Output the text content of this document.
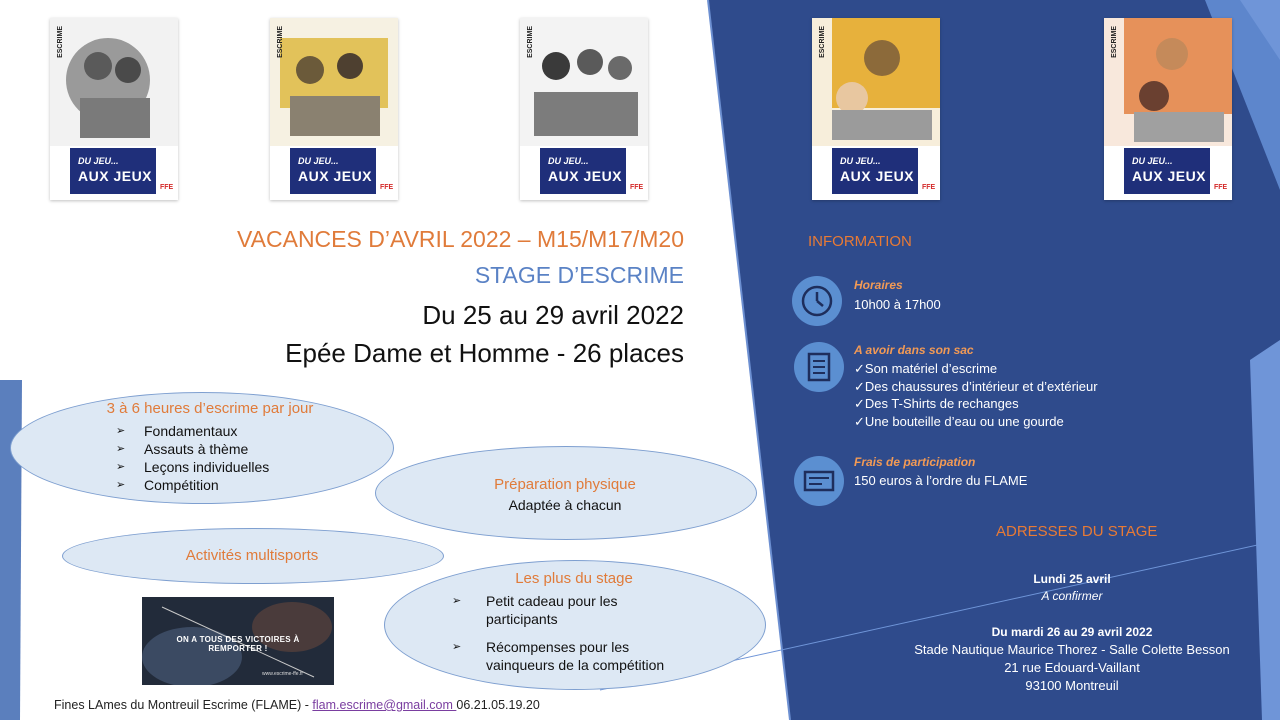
ESCRIME
DU JEU...
AUX JEUX
FFE
ESCRIME
DU JEU...
AUX JEUX
FFE
ESCRIME
DU JEU...
AUX JEUX
FFE
ESCRIME
DU JEU...
AUX JEUX
FFE
ESCRIME
DU JEU...
AUX JEUX
FFE
VACANCES D’AVRIL 2022 – M15/M17/M20
STAGE D’ESCRIME
Du 25 au 29 avril 2022
Epée Dame et Homme - 26 places
3 à 6 heures d’escrime par jour
➢ Fondamentaux
➢ Assauts à thème
➢ Leçons individuelles
➢ Compétition	Préparation physique
Adaptée à chacun
Activités multisports
Les plus du stage
➢	Petit cadeau pour les participants
➢	Récompenses pour les vainqueurs de la compétition
ON A TOUS DES VICTOIRES À REMPORTER !
www.escrime-ffe.fr
Fines LAmes du Montreuil Escrime (FLAME) - flam.escrime@gmail.com 06.21.05.19.20
INFORMATION
Horaires
10h00 à 17h00
A avoir dans son sac
✓Son matériel d’escrime
✓Des chaussures d’intérieur et d’extérieur
✓Des T-Shirts de rechanges
✓Une bouteille d’eau ou une gourde
Frais de participation
150 euros à l’ordre du FLAME
ADRESSES DU STAGE
Lundi 25 avril
A confirmer
Du mardi 26 au 29 avril 2022
Stade Nautique Maurice Thorez - Salle Colette Besson
21 rue Edouard-Vaillant
93100 Montreuil
